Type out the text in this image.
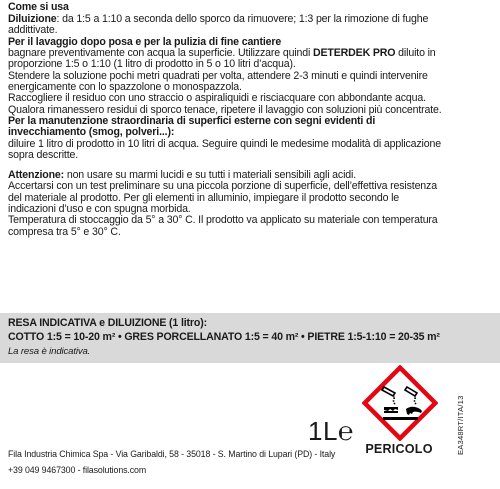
Come si usa
Diluizione: da 1:5 a 1:10 a seconda dello sporco da rimuovere; 1:3 per la rimozione di fughe
addittivate.
Per il lavaggio dopo posa e per la pulizia di fine cantiere
bagnare preventivamente con acqua la superficie. Utilizzare quindi DETERDEK PRO diluito in
proporzione 1:5 o 1:10 (1 litro di prodotto in 5 o 10 litri d’acqua).
Stendere la soluzione pochi metri quadrati per volta, attendere 2-3 minuti e quindi intervenire
energicamente con lo spazzolone o monospazzola.
Raccogliere il residuo con uno straccio o aspiraliquidi e risciacquare con abbondante acqua.
Qualora rimanessero residui di sporco tenace, ripetere il lavaggio con soluzioni più concentrate.
Per la manutenzione straordinaria di superfici esterne con segni evidenti di
invecchiamento (smog, polveri...):
diluire 1 litro di prodotto in 10 litri di acqua. Seguire quindi le medesime modalità di applicazione
sopra descritte.
Attenzione: non usare su marmi lucidi e su tutti i materiali sensibili agli acidi.
Accertarsi con un test preliminare su una piccola porzione di superficie, dell’effettiva resistenza
del materiale al prodotto. Per gli elementi in alluminio, impiegare il prodotto secondo le
indicazioni d’uso e con spugna morbida.
Temperatura di stoccaggio da 5° a 30° C. Il prodotto va applicato su materiale con temperatura
compresa tra 5° e 30° C.
RESA INDICATIVA e DILUIZIONE (1 litro):
COTTO 1:5 = 10-20 m² • GRES PORCELLANATO 1:5 = 40 m² • PIETRE 1:5-1:10 = 20-35 m²
La resa è indicativa.
1L℮
PERICOLO	EA348RT/ITA/13
Fila Industria Chimica Spa - Via Garibaldi, 58 - 35018 - S. Martino di Lupari (PD) - Italy
+39 049 9467300 - filasolutions.com
